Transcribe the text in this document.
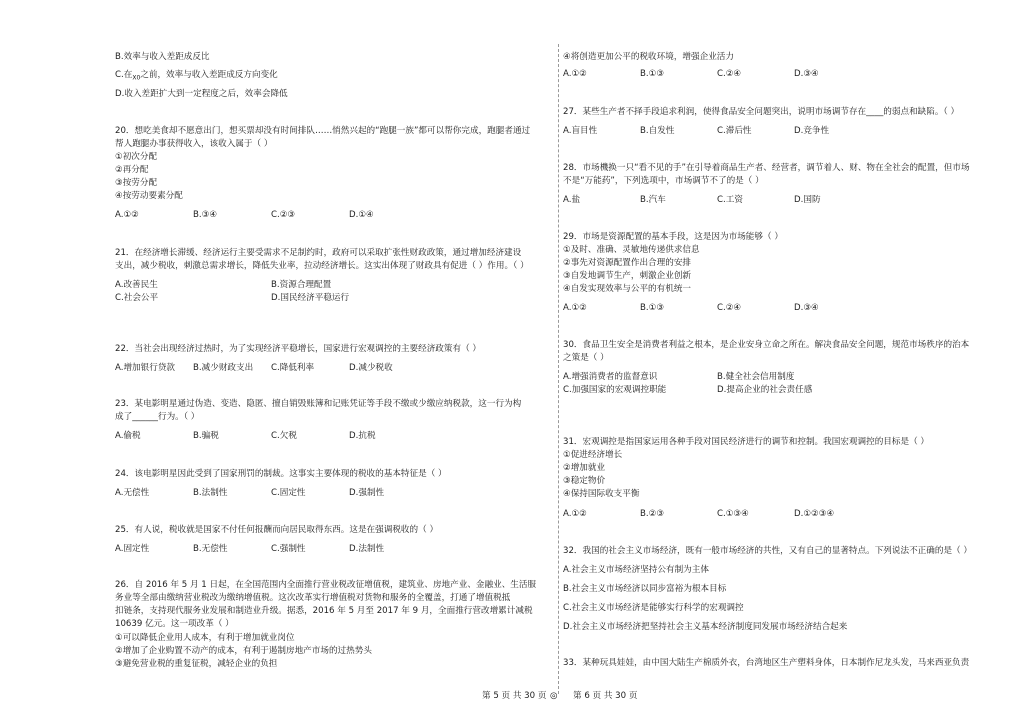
B.效率与收入差距成反比
C.在$_{X0}$之前，效率与收入差距成反方向变化
D.收入差距扩大到一定程度之后，效率会降低
20．想吃美食却不愿意出门，想买票却没有时间排队……悄然兴起的“跑腿一族”都可以帮你完成，跑腿者通过
帮人跑腿办事获得收入，该收入属于（ ）
①初次分配
②再分配
③按劳分配
④按劳动要素分配
A.①②	B.③④	C.②③	D.①④
21．在经济增长滞缓、经济运行主要受需求不足制约时，政府可以采取扩张性财政政策，通过增加经济建设
支出，减少税收，刺激总需求增长，降低失业率，拉动经济增长。这实出体现了财政具有促进（ ）作用。（ ）
A.改善民生	B.资源合理配置
C.社会公平	D.国民经济平稳运行
22．当社会出现经济过热时，为了实现经济平稳增长，国家进行宏观调控的主要经济政策有（ ）
A.增加银行贷款 B.减少财政支出 C.降低利率	D.减少税收
23．某电影明星通过伪造、变造、隐匿、擅自销毁账簿和记账凭证等手段不缴或少缴应纳税款，这一行为构
成了______行为。（ ）
A.偷税	B.骗税	C.欠税	D.抗税
24．该电影明星因此受到了国家刑罚的制裁。这事实主要体现的税收的基本特征是（ ）
A.无偿性	B.法制性	C.固定性	D.强制性
25．有人说，税收就是国家不付任何报酬而向居民取得东西。这是在强调税收的（ ）
A.固定性	B.无偿性	C.强制性	D.法制性
26．自 2016 年 5 月 1 日起，在全国范围内全面推行营业税改征增值税，建筑业、房地产业、金融业、生活服
务业等全部由缴纳营业税改为缴纳增值税。这次改革实行增值税对货物和服务的全覆盖，打通了增值税抵
扣链条，支持现代服务业发展和制造业升级。据悉，2016 年 5 月至 2017 年 9 月，全面推行营改增累计减税
10639 亿元。这一项改革（ ）
①可以降低企业用人成本，有利于增加就业岗位
②增加了企业购置不动产的成本，有利于遏制房地产市场的过热势头
③避免营业税的重复征税，减轻企业的负担
④将创造更加公平的税收环境，增强企业活力
A.①②	B.①③	C.②④	D.③④
27．某些生产者不择手段追求利润，使得食品安全问题突出，说明市场调节存在____的弱点和缺陷。（ ）
A.盲目性	B.自发性	C.滞后性	D.竞争性
28．市场機换一只“看不见的手”在引导着商品生产者、经营者，调节着人、财、物在全社会的配置，但市场
不是“万能药”，下列选项中，市场调节不了的是（ ）
A.盐	B.汽车	C.工资	D.国防
29．市场是资源配置的基本手段，这是因为市场能够（ ）
①及时、准确、灵敏地传递供求信息
②事先对资源配置作出合理的安排
③自发地调节生产，刺激企业创新
④自发实现效率与公平的有机统一
A.①②	B.①③	C.②④	D.③④
30．食品卫生安全是消费者利益之根本，是企业安身立命之所在。解决食品安全问题，规范市场秩序的治本
之策是（ ）
A.增强消费者的监督意识	B.健全社会信用制度
C.加强国家的宏观调控职能	D.提高企业的社会责任感
31．宏观调控是指国家运用各种手段对国民经济进行的调节和控制。我国宏观调控的目标是（ ）
①促进经济增长
②增加就业
③稳定物价
④保持国际收支平衡
A.①②	B.②③	C.①③④	D.①②③④
32．我国的社会主义市场经济，既有一般市场经济的共性，又有自己的显著特点。下列说法不正确的是（ ）
A.社会主义市场经济坚持公有制为主体
B.社会主义市场经济以同步富裕为根本目标
C.社会主义市场经济是能够实行科学的宏观调控
D.社会主义市场经济把坚持社会主义基本经济制度同发展市场经济结合起来
33．某种玩具娃娃，由中国大陆生产棉质外衣，台湾地区生产塑料身体，日本制作尼龙头发，马来西亚负责
第 5 页 共 30 页 ◎ 第 6 页 共 30 页
